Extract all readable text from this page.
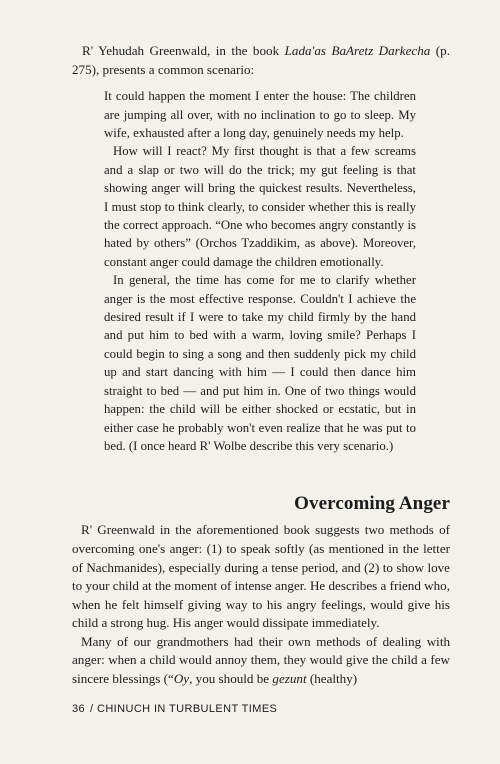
R' Yehudah Greenwald, in the book Lada'as BaAretz Darkecha (p. 275), presents a common scenario:

It could happen the moment I enter the house: The children are jumping all over, with no inclination to go to sleep. My wife, exhausted after a long day, genuinely needs my help.

How will I react? My first thought is that a few screams and a slap or two will do the trick; my gut feeling is that showing anger will bring the quickest results. Nevertheless, I must stop to think clearly, to consider whether this is really the correct approach. “One who becomes angry constantly is hated by others” (Orchos Tzaddikim, as above). Moreover, constant anger could damage the children emotionally.

In general, the time has come for me to clarify whether anger is the most effective response. Couldn't I achieve the desired result if I were to take my child firmly by the hand and put him to bed with a warm, loving smile? Perhaps I could begin to sing a song and then suddenly pick my child up and start dancing with him — I could then dance him straight to bed — and put him in. One of two things would happen: the child will be either shocked or ecstatic, but in either case he probably won't even realize that he was put to bed. (I once heard R' Wolbe describe this very scenario.)

Overcoming Anger

R' Greenwald in the aforementioned book suggests two methods of overcoming one's anger: (1) to speak softly (as mentioned in the letter of Nachmanides), especially during a tense period, and (2) to show love to your child at the moment of intense anger. He describes a friend who, when he felt himself giving way to his angry feelings, would give his child a strong hug. His anger would dissipate immediately.

Many of our grandmothers had their own methods of dealing with anger: when a child would annoy them, they would give the child a few sincere blessings (“Oy, you should be gezunt (healthy)

36 / CHINUCH IN TURBULENT TIMES
